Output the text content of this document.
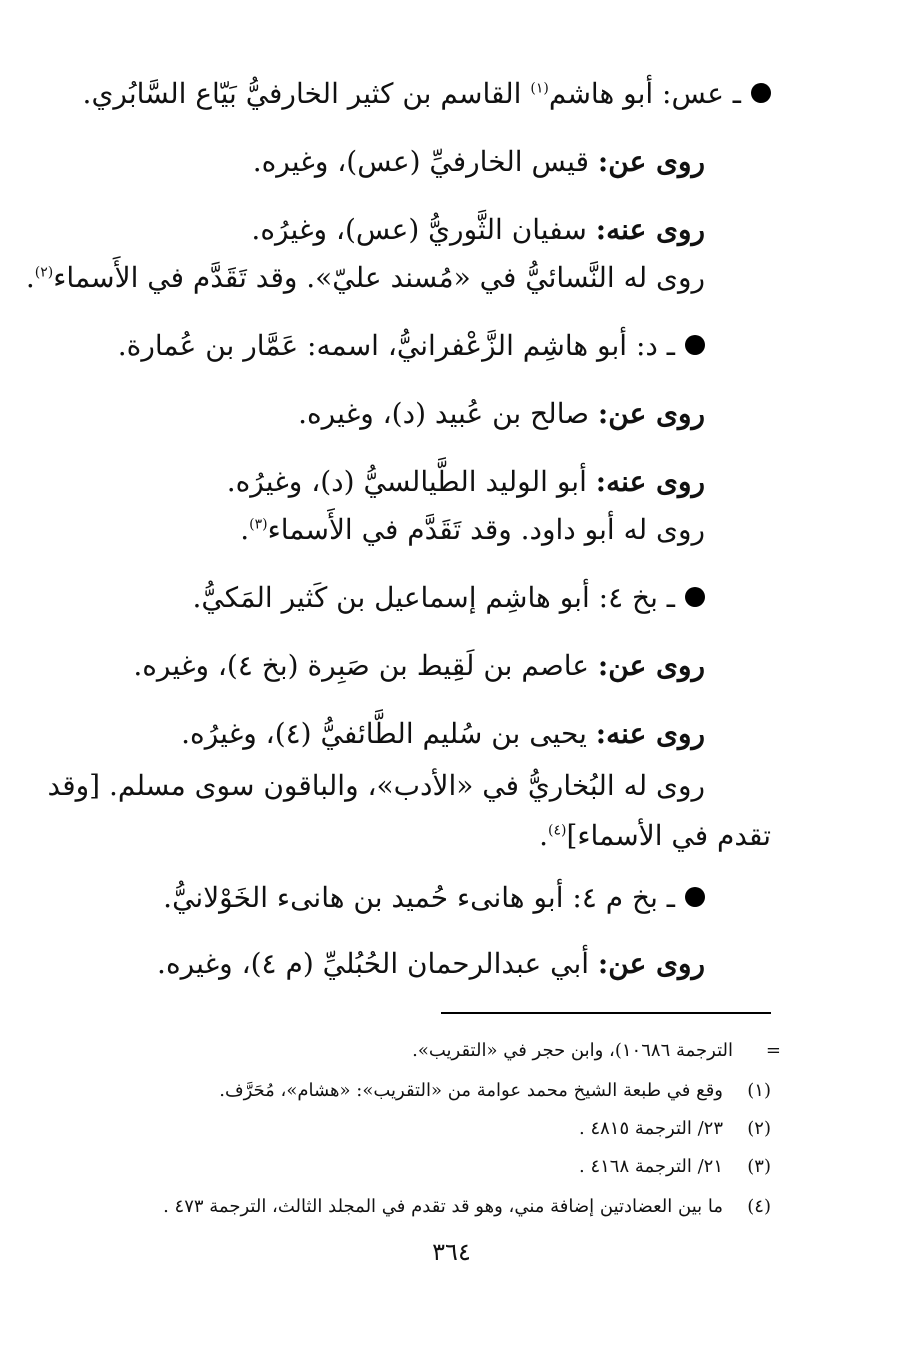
ـ عس: أبو هاشم$^{(١)}$ القاسم بن كثير الخارفيُّ بَيّاع السَّابُري.
روى عن: قيس الخارفيِّ (عس)، وغيره.
روى عنه: سفيان الثَّوريُّ (عس)، وغيرُه.
روى له النَّسائيُّ في «مُسند عليّ». وقد تَقَدَّم في الأَسماء$^{(٢)}$.
ـ د: أبو هاشِم الزَّعْفرانيُّ، اسمه: عَمَّار بن عُمارة.
روى عن: صالح بن عُبيد (د)، وغيره.
روى عنه: أبو الوليد الطَّيالسيُّ (د)، وغيرُه.
روى له أبو داود. وقد تَقَدَّم في الأَسماء$^{(٣)}$.
ـ بخ ٤: أبو هاشِم إسماعيل بن كَثير المَكيُّ.
روى عن: عاصم بن لَقِيط بن صَبِرة (بخ ٤)، وغيره.
روى عنه: يحيى بن سُليم الطَّائفيُّ (٤)، وغيرُه.
روى له البُخاريُّ في «الأدب»، والباقون سوى مسلم. [وقد
تقدم في الأسماء]$^{(٤)}$.
ـ بخ م ٤: أبو هانىء حُميد بن هانىء الخَوْلانيُّ.
روى عن: أبي عبدالرحمان الحُبُليِّ (م ٤)، وغيره.
=الترجمة ١٠٦٨٦)، وابن حجر في «التقريب».
(١)وقع في طبعة الشيخ محمد عوامة من «التقريب»: «هشام»، مُحَرَّف.
(٢)٢٣/ الترجمة ٤٨١٥ .
(٣)٢١/ الترجمة ٤١٦٨ .
(٤)ما بين العضادتين إضافة مني، وهو قد تقدم في المجلد الثالث، الترجمة ٤٧٣ .
٣٦٤
